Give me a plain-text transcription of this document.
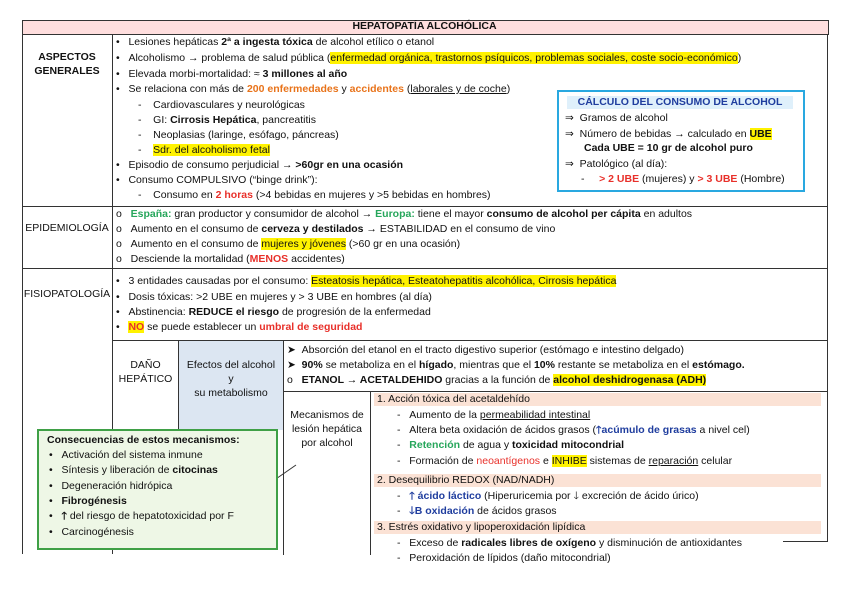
HEPATOPATÍA ALCOHÓLICA
ASPECTOS
GENERALES
EPIDEMIOLOGÍA
FISIOPATOLOGÍA
• Lesiones hepáticas 2ª a ingesta tóxica de alcohol etílico o etanol
• Alcoholismo → problema de salud pública (enfermedad orgánica, trastornos psíquicos, problemas sociales, coste socio-económico)
• Elevada morbi-mortalidad: ≈ 3 millones al año
• Se relaciona con más de 200 enfermedades y accidentes (laborales y de coche)
- Cardiovasculares y neurológicas
- GI: Cirrosis Hepática, pancreatitis
- Neoplasias (laringe, esófago, páncreas)
- Sdr. del alcoholismo fetal
• Episodio de consumo perjudicial → >60gr en una ocasión
• Consumo COMPULSIVO (“binge drink”):
- Consumo en 2 horas (>4 bebidas en mujeres y >5 bebidas en hombres)
CÁLCULO DEL CONSUMO DE ALCOHOL
⇒ Gramos de alcohol
⇒ Número de bebidas → calculado en UBE
Cada UBE = 10 gr de alcohol puro
⇒ Patológico (al día):
- > 2 UBE (mujeres) y > 3 UBE (Hombre)
o España: gran productor y consumidor de alcohol → Europa: tiene el mayor consumo de alcohol per cápita en adultos
o Aumento en el consumo de cerveza y destilados → ESTABILIDAD en el consumo de vino
o Aumento en el consumo de mujeres y jóvenes (>60 gr en una ocasión)
o Desciende la mortalidad (MENOS accidentes)
• 3 entidades causadas por el consumo: Esteatosis hepática, Esteatohepatitis alcohólica, Cirrosis hepática
• Dosis tóxicas: >2 UBE en mujeres y > 3 UBE en hombres (al día)
• Abstinencia: REDUCE el riesgo de progresión de la enfermedad
• NO se puede establecer un umbral de seguridad
DAÑO
HEPÁTICO
Efectos del alcohol
y
su metabolismo
➤ Absorción del etanol en el tracto digestivo superior (estómago e intestino delgado)
➤ 90% se metaboliza en el hígado, mientras que el 10% restante se metaboliza en el estómago.
o ETANOL → ACETALDEHIDO gracias a la función de alcohol deshidrogenasa (ADH)
Mecanismos de
lesión hepática
por alcohol
1. Acción tóxica del acetaldehído
- Aumento de la permeabilidad intestinal
- Altera beta oxidación de ácidos grasos (🡑acúmulo de grasas a nivel cel)
- Retención de agua y toxicidad mitocondrial
- Formación de neoantígenos e INHIBE sistemas de reparación celular
2. Desequilibrio REDOX (NAD/NADH)
- 🡑 ácido láctico (Hiperuricemia por 🡓 excreción de ácido úrico)
- 🡓B oxidación de ácidos grasos
3. Estrés oxidativo y lipoperoxidación lipídica
- Exceso de radicales libres de oxígeno y disminución de antioxidantes
- Peroxidación de lípidos (daño mitocondrial)
Consecuencias de estos mecanismos:
• Activación del sistema inmune
• Síntesis y liberación de citocinas
• Degeneración hidrópica
• Fibrogénesis
• 🡑 del riesgo de hepatotoxicidad por F
• Carcinogénesis
